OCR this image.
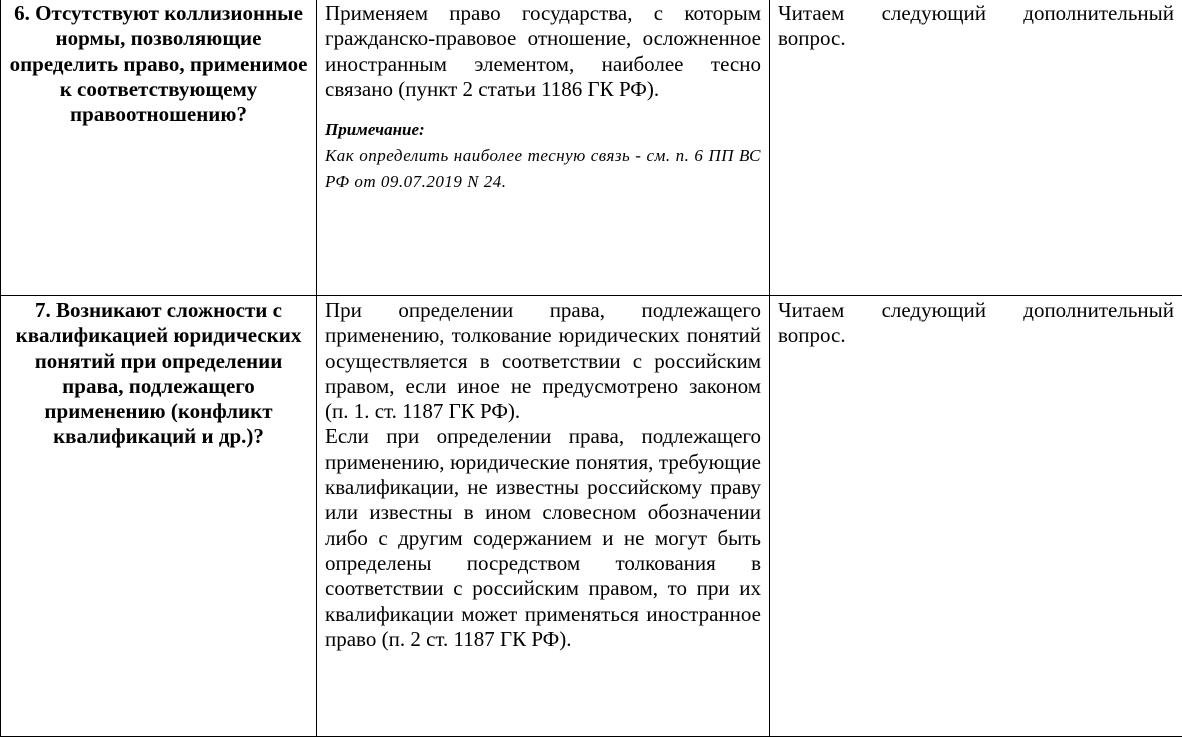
6. Отсутствуют коллизионные нормы, позволяющие определить право, применимое к соответствующему правоотношению?	Применяем право государства, с которым гражданско-правовое отношение, осложненное иностранным элементом, наиболее тесно связано (пункт 2 статьи 1186 ГК РФ).

Примечание:
Как определить наиболее тесную связь - см. п. 6 ПП ВС РФ от 09.07.2019 N 24.	Читаем следующий дополнительный вопрос.

7. Возникают сложности с квалификацией юридических понятий при определении права, подлежащего применению (конфликт квалификаций и др.)?	При определении права, подлежащего применению, толкование юридических понятий осуществляется в соответствии с российским правом, если иное не предусмотрено законом (п. 1. ст. 1187 ГК РФ).

Если при определении права, подлежащего применению, юридические понятия, требующие квалификации, не известны российскому праву или известны в ином словесном обозначении либо с другим содержанием и не могут быть определены посредством толкования в соответствии с российским правом, то при их квалификации может применяться иностранное право (п. 2 ст. 1187 ГК РФ).	Читаем следующий дополнительный вопрос.
